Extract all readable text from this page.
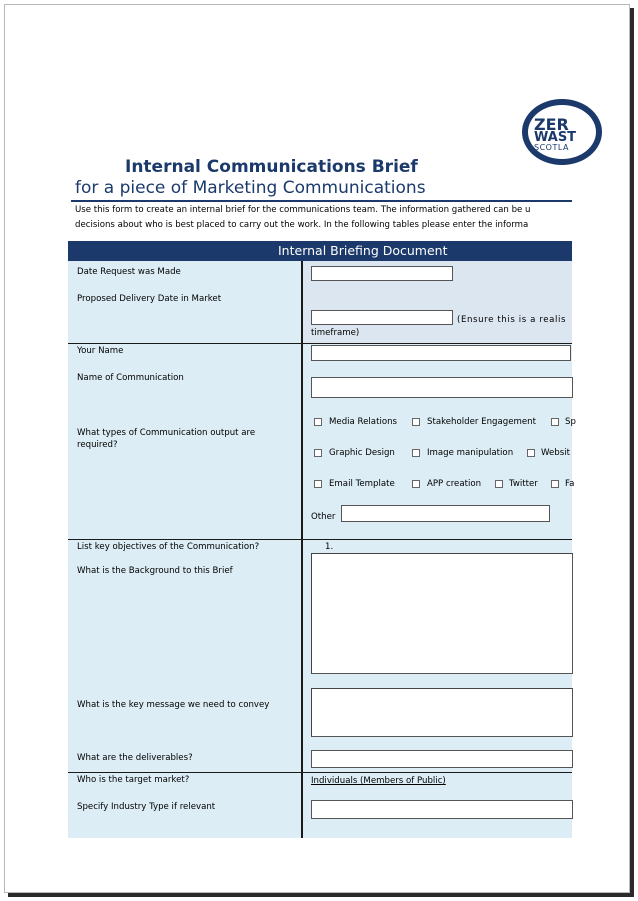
ZER
WAST
SCOTLA
Internal Communications Brief
for a piece of Marketing Communications
Use this form to create an internal brief for the communications team. The information gathered can be u
decisions about who is best placed to carry out the work. In the following tables please enter the informa
Internal Briefing Document
Date Request was Made
Proposed Delivery Date in Market
(Ensure this is a realis
timeframe)
Your Name
Name of Communication
What types of Communication output are
required?
Media Relations	Stakeholder Engagement	Sp
Graphic Design	Image manipulation	Websit
Email Template	APP creation	Twitter	Fa
Other
List key objectives of the Communication?	1.
What is the Background to this Brief
What is the key message we need to convey
What are the deliverables?
Who is the target market?	Individuals (Members of Public)
Specify Industry Type if relevant
